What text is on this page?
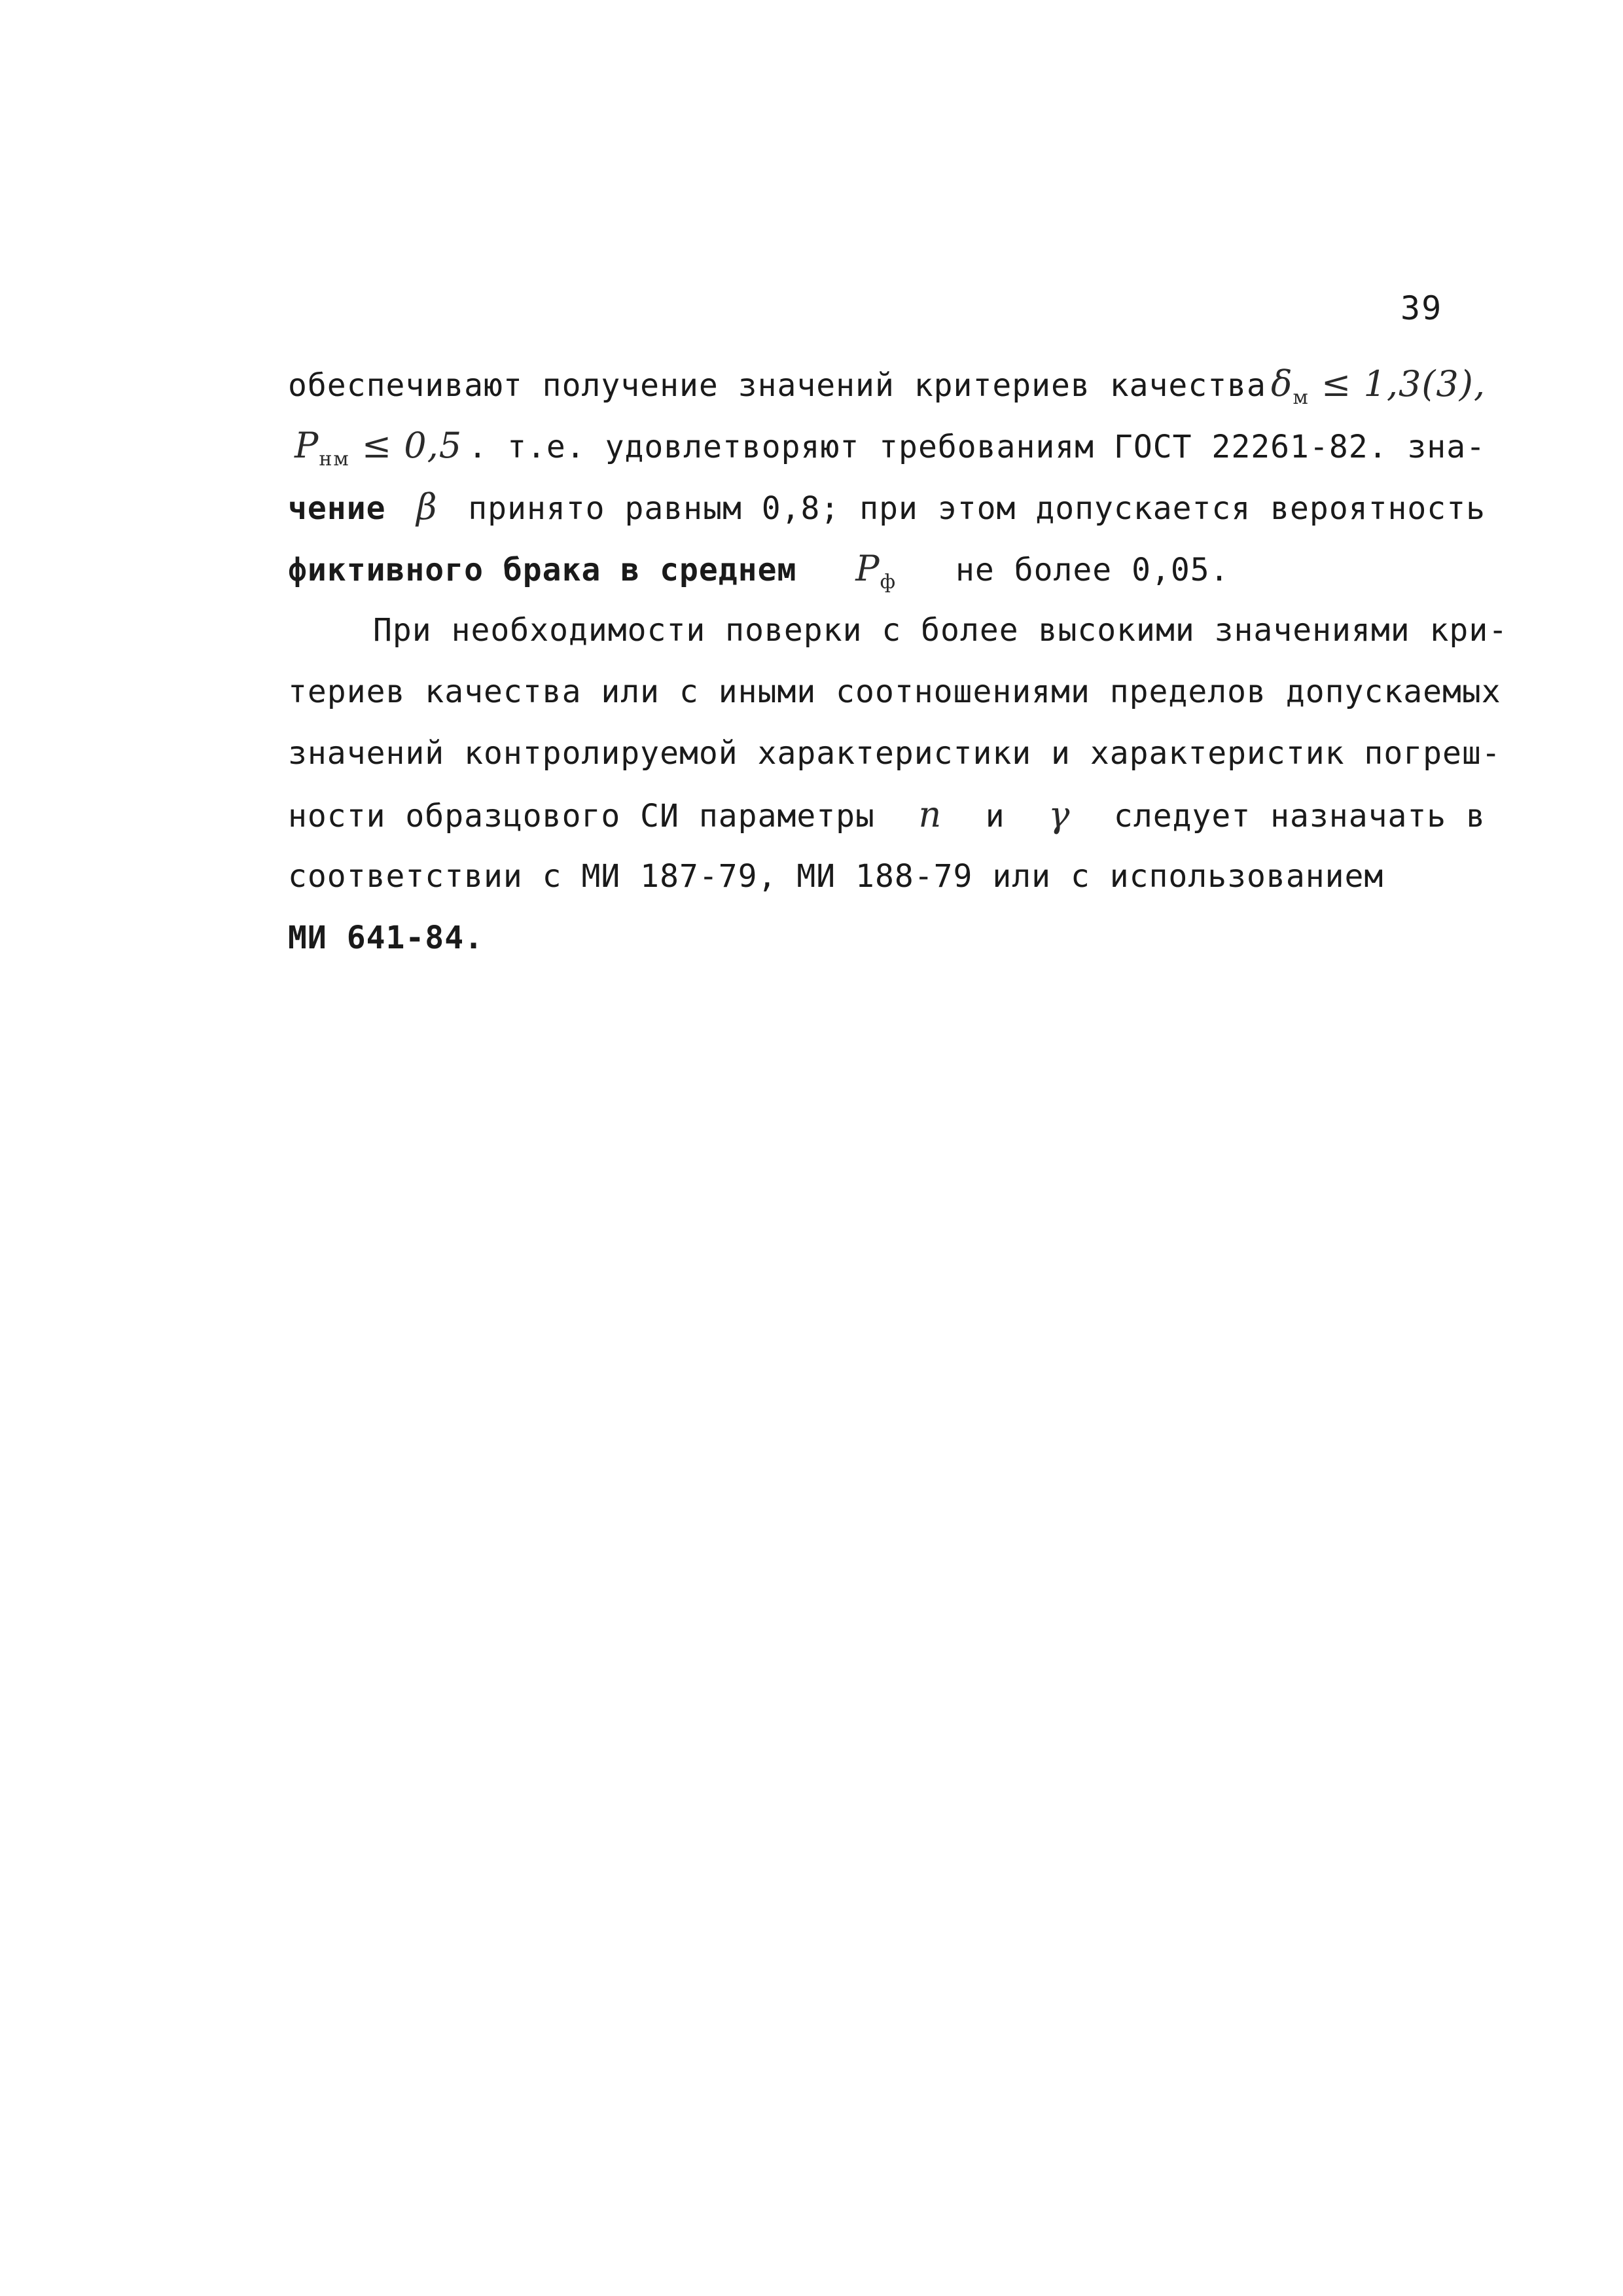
39
обеспечивают получение значений критериев качества $\delta_м \le 1,3(3)$,
$P_{нм} \le 0,5$ . т.е. удовлетворяют требованиям ГОСТ 22261-82. зна-
чение β принято равным 0,8; при этом допускается вероятность
фиктивного брака в среднем $P_ф$ не более 0,05.
При необходимости поверки с более высокими значениями кри-
териев качества или с иными соотношениями пределов допускаемых
значений контролируемой характеристики и характеристик погреш-
ности образцового СИ параметры n и γ следует назначать в
соответствии с МИ 187-79, МИ 188-79 или с использованием
МИ 641-84.
